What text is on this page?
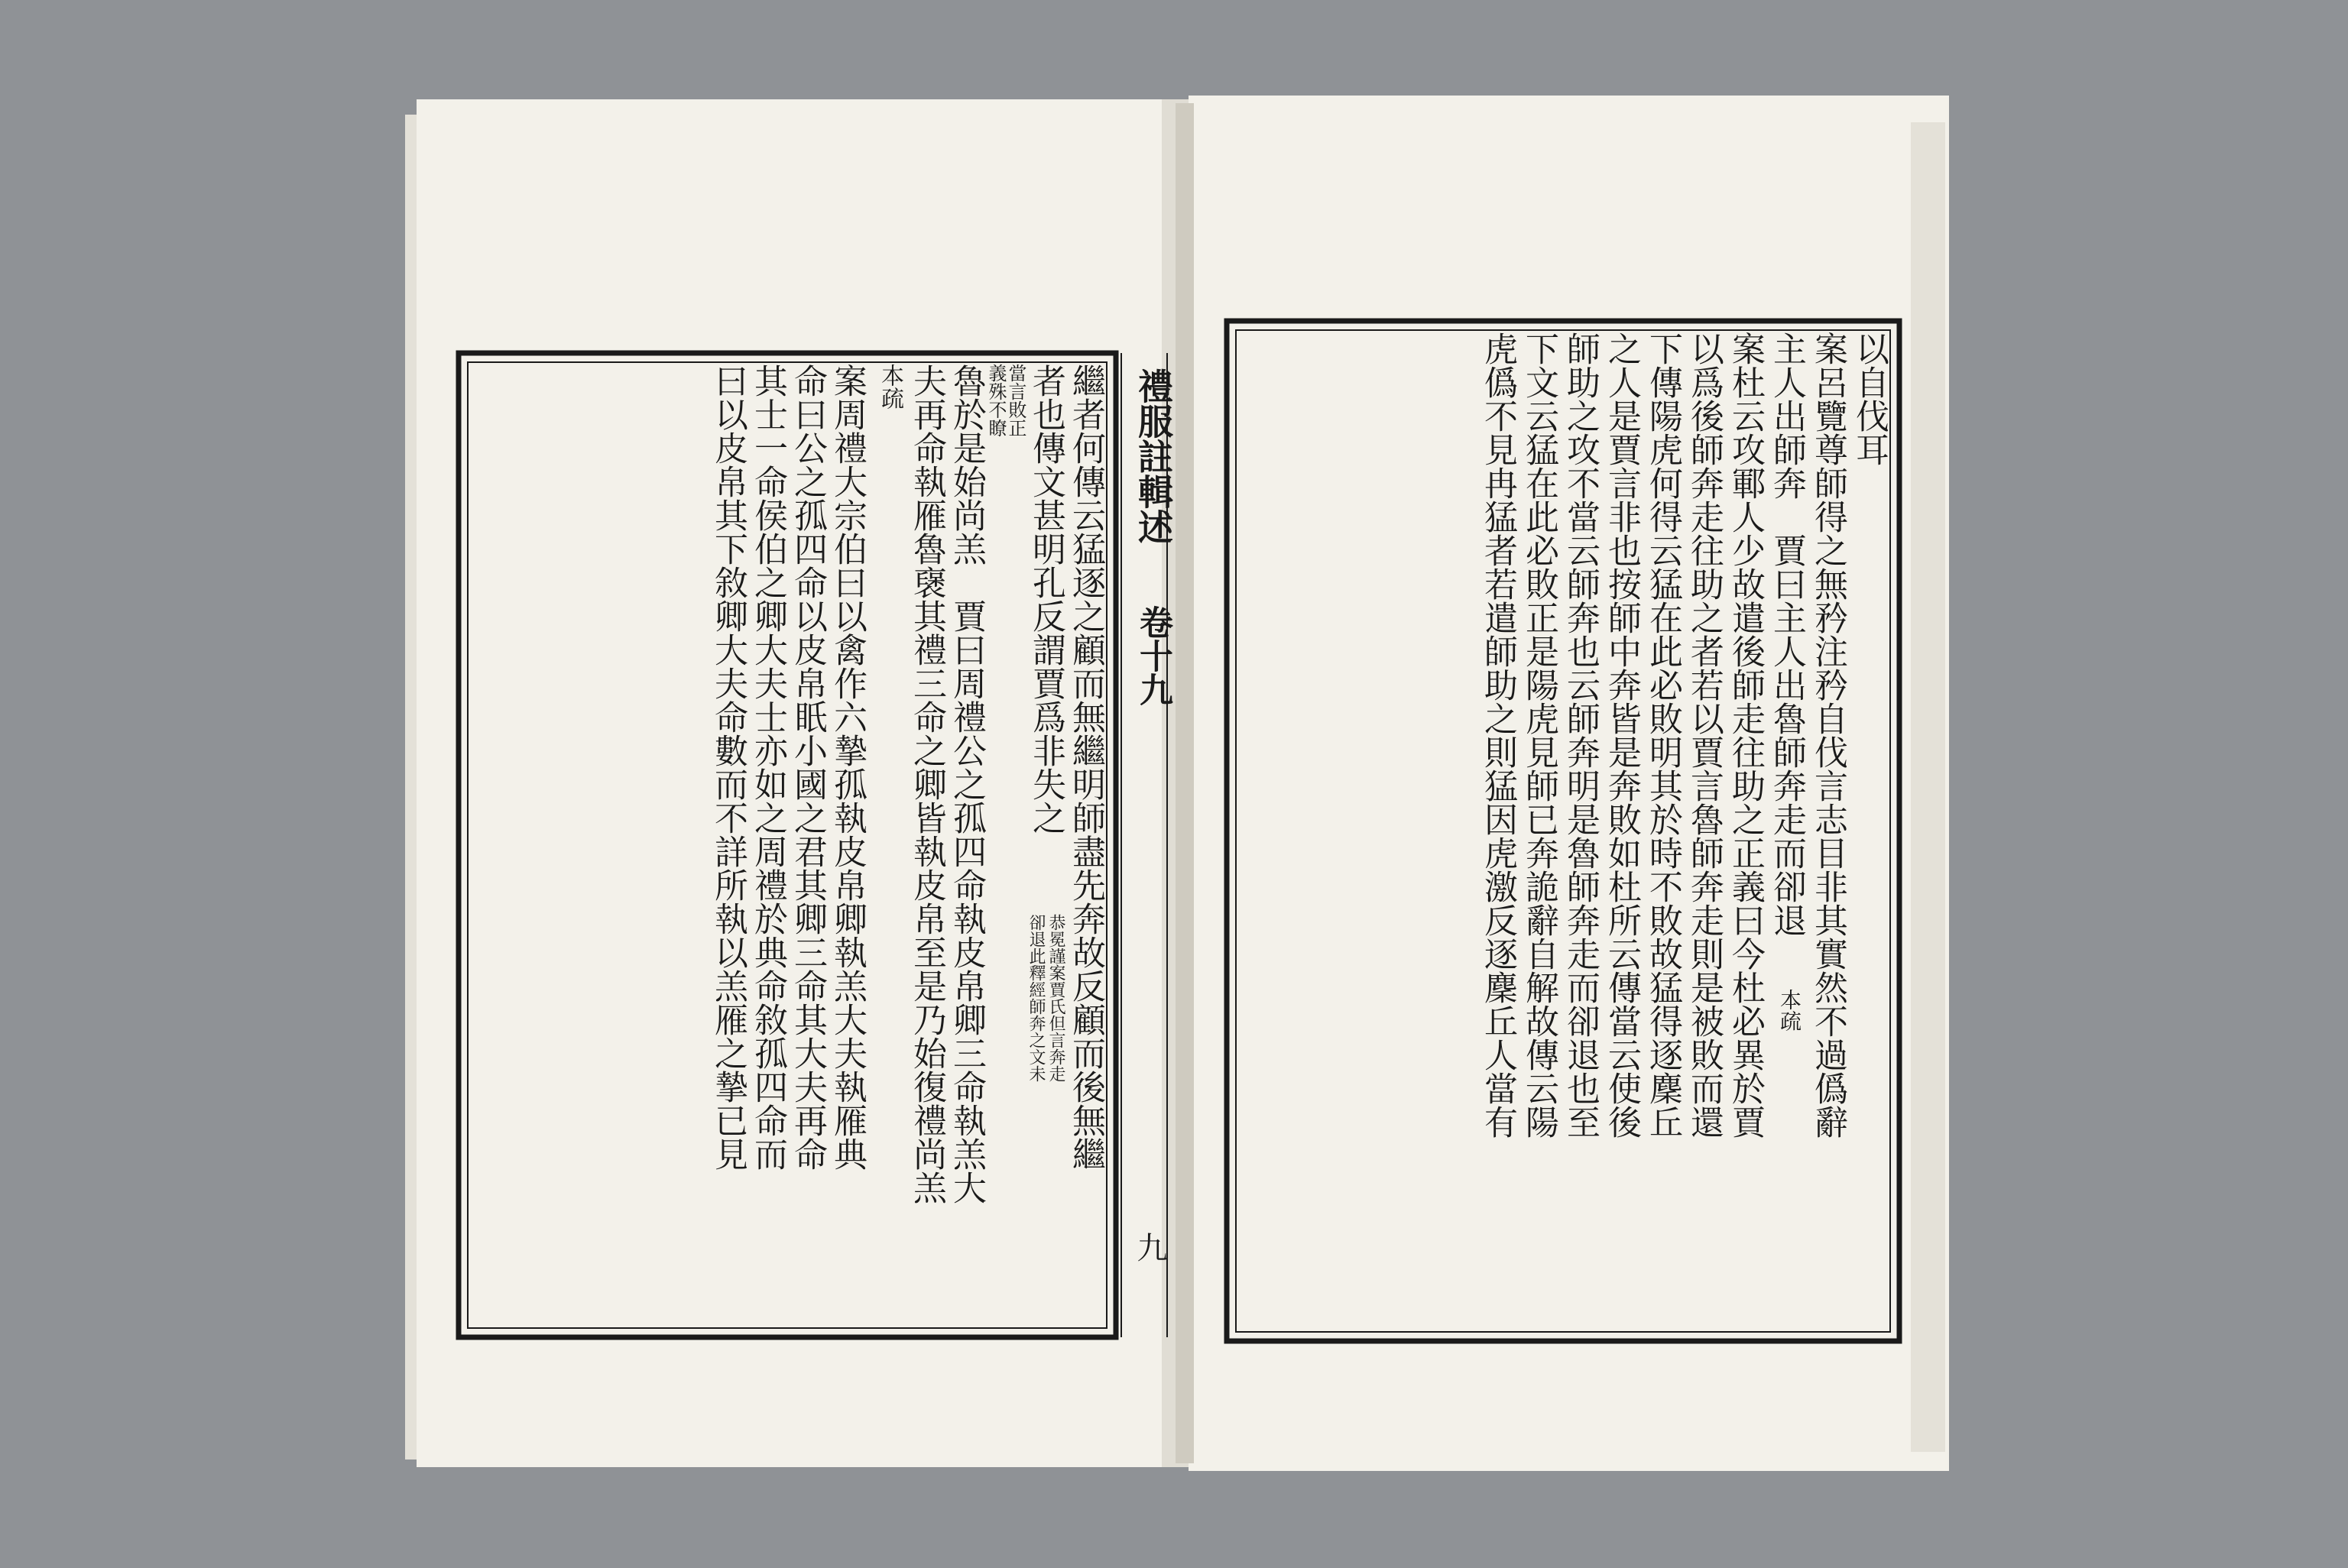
禮服註輯述
卷十九
九
繼者何傳云猛逐之顧而無繼明師盡先奔故反顧而後無繼
者也傳文甚明孔反謂賈爲非失之
恭冕謹案賈氏但言奔走
卻退此釋經師奔之文未
當言敗正
義殊不瞭
魯於是始尚羔　賈曰周禮公之孤四命執皮帛卿三命執羔大
夫再命執雁魯襃其禮三命之卿皆執皮帛至是乃始復禮尚羔
本疏
案周禮大宗伯曰以禽作六摯孤執皮帛卿執羔大夫執雁典
命曰公之孤四命以皮帛眂小國之君其卿三命其大夫再命
其士一命侯伯之卿大夫士亦如之周禮於典命敘孤四命而
曰以皮帛其下敘卿大夫命數而不詳所執以羔雁之摯已見	以自伐耳
案呂覽尊師得之無矜注矜自伐言志目非其實然不過僞辭
主人出師奔　賈曰主人出魯師奔走而卻退
本疏
案杜云攻鄆人少故遣後師走往助之正義曰今杜必異於賈
以爲後師奔走往助之者若以賈言魯師奔走則是被敗而還
下傳陽虎何得云猛在此必敗明其於時不敗故猛得逐麇丘
之人是賈言非也按師中奔皆是奔敗如杜所云傳當云使後
師助之攻不當云師奔也云師奔明是魯師奔走而卻退也至
下文云猛在此必敗正是陽虎見師已奔詭辭自解故傳云陽
虎僞不見冉猛者若遣師助之則猛因虎激反逐麇丘人當有
